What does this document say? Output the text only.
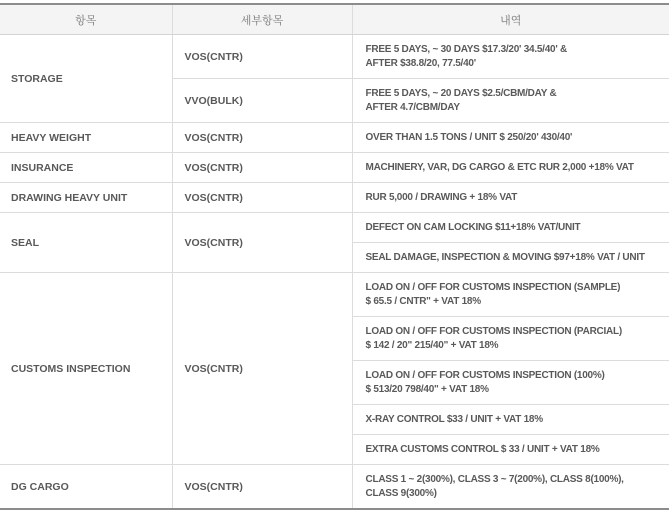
항목	세부항목	내역
STORAGE	VOS(CNTR)	FREE 5 DAYS, ~ 30 DAYS $17.3/20' 34.5/40' &
AFTER $38.8/20, 77.5/40'
	VVO(BULK)	FREE 5 DAYS, ~ 20 DAYS $2.5/CBM/DAY &
AFTER 4.7/CBM/DAY
HEAVY WEIGHT	VOS(CNTR)	OVER THAN 1.5 TONS / UNIT $ 250/20' 430/40'
INSURANCE	VOS(CNTR)	MACHINERY, VAR, DG CARGO & ETC RUR 2,000 +18% VAT
DRAWING HEAVY UNIT	VOS(CNTR)	RUR 5,000 / DRAWING + 18% VAT
SEAL	VOS(CNTR)	DEFECT ON CAM LOCKING $11+18% VAT/UNIT
		SEAL DAMAGE, INSPECTION & MOVING $97+18% VAT / UNIT
CUSTOMS INSPECTION	VOS(CNTR)	LOAD ON / OFF FOR CUSTOMS INSPECTION (SAMPLE)
$ 65.5 / CNTR" + VAT 18%
		LOAD ON / OFF FOR CUSTOMS INSPECTION (PARCIAL)
$ 142 / 20" 215/40" + VAT 18%
		LOAD ON / OFF FOR CUSTOMS INSPECTION (100%)
$ 513/20 798/40" + VAT 18%
		X-RAY CONTROL $33 / UNIT + VAT 18%
		EXTRA CUSTOMS CONTROL $ 33 / UNIT + VAT 18%
DG CARGO	VOS(CNTR)	CLASS 1 ~ 2(300%), CLASS 3 ~ 7(200%), CLASS 8(100%),
CLASS 9(300%)
